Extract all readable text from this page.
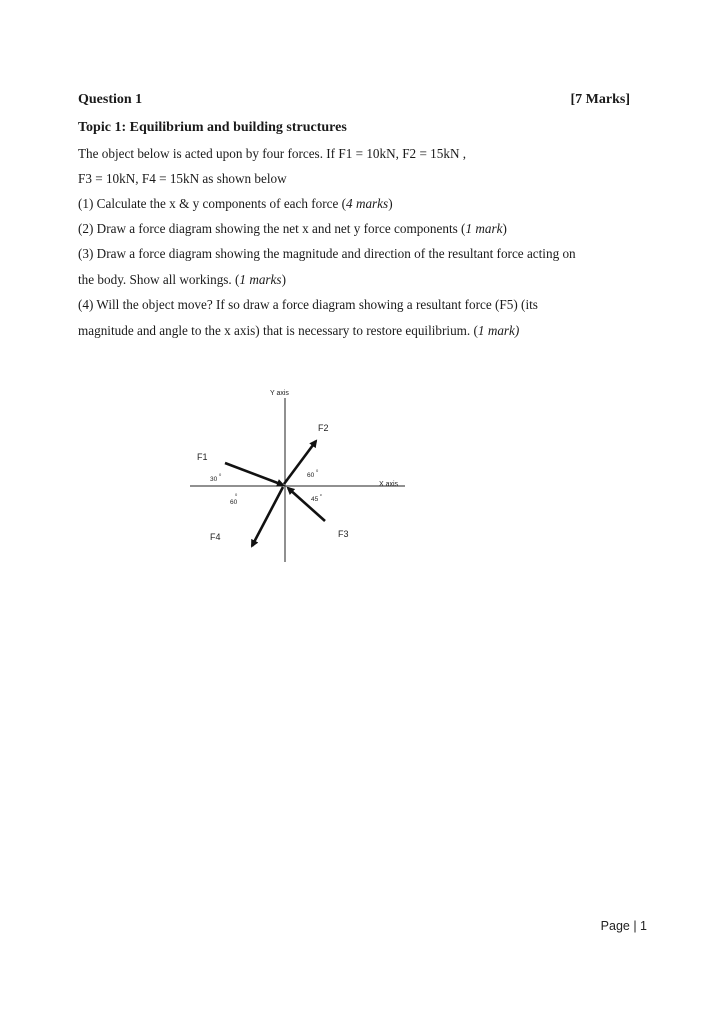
Question 1	[7 Marks]
Topic 1: Equilibrium and building structures
The object below is acted upon by four forces. If F1 = 10kN, F2 = 15kN ,
F3 = 10kN, F4 = 15kN as shown below
(1) Calculate the x & y components of each force (4 marks)
(2) Draw a force diagram showing the net x and net y force components (1 mark)
(3) Draw a force diagram showing the magnitude and direction of the resultant force acting on
the body. Show all workings. (1 marks)
(4) Will the object move? If so draw a force diagram showing a resultant force (F5) (its
magnitude and angle to the x axis) that is necessary to restore equilibrium. (1 mark)
Y axis
X axis
F1
F2
F3
F4
30
0	60
0
45
c
60
0
Page | 1
